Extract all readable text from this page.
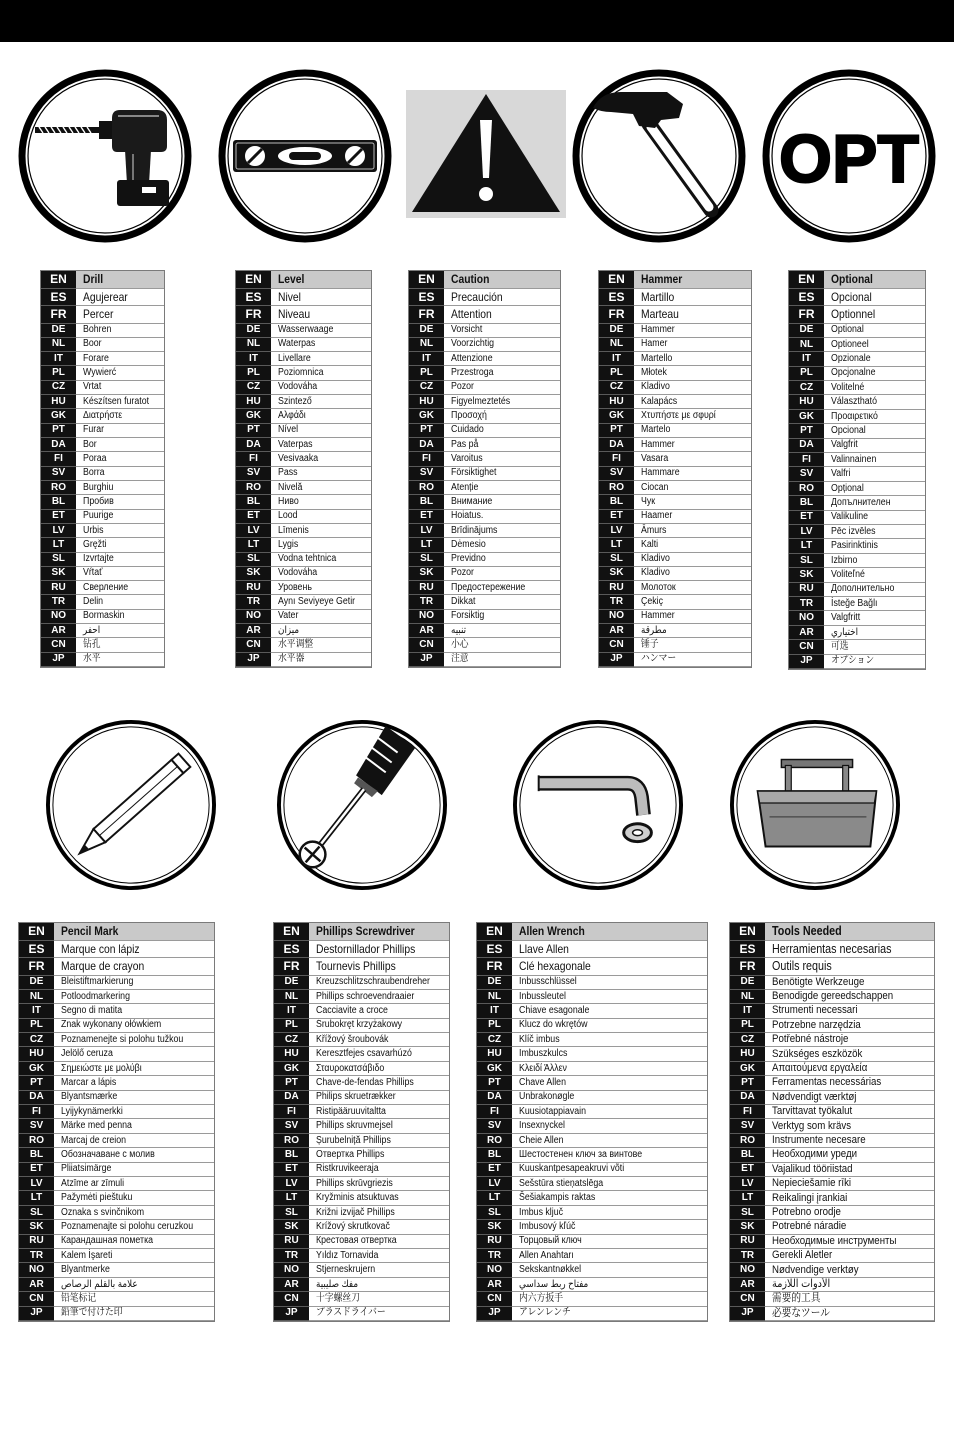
OPT
EN	Drill
ES	Agujerear
FR	Percer
DE	Bohren
NL	Boor
IT	Forare
PL	Wywierć
CZ	Vrtat
HU	Készítsen furatot
GK	Διατρήστε
PT	Furar
DA	Bor
FI	Poraa
SV	Borra
RO	Burghiu
BL	Пробив
ET	Puurige
LV	Urbis
LT	Gręžti
SL	Izvrtajte
SK	Vŕtať
RU	Сверление
TR	Delin
NO	Bormaskin
AR	احفر
CN	钻孔
JP	水平
EN	Level
ES	Nivel
FR	Niveau
DE	Wasserwaage
NL	Waterpas
IT	Livellare
PL	Poziomnica
CZ	Vodováha
HU	Szintező
GK	Αλφάδι
PT	Nível
DA	Vaterpas
FI	Vesivaaka
SV	Pass
RO	Nivelă
BL	Ниво
ET	Lood
LV	Līmenis
LT	Lygis
SL	Vodna tehtnica
SK	Vodováha
RU	Уровень
TR	Aynı Seviyeye Getir
NO	Vater
AR	ميزان
CN	水平调整
JP	水平器
EN	Caution
ES	Precaución
FR	Attention
DE	Vorsicht
NL	Voorzichtig
IT	Attenzione
PL	Przestroga
CZ	Pozor
HU	Figyelmeztetés
GK	Προσοχή
PT	Cuidado
DA	Pas på
FI	Varoitus
SV	Försiktighet
RO	Atenție
BL	Внимание
ET	Hoiatus.
LV	Brīdinājums
LT	Dėmesio
SL	Previdno
SK	Pozor
RU	Предостережение
TR	Dikkat
NO	Forsiktig
AR	تنبيه
CN	小心
JP	注意
EN	Hammer
ES	Martillo
FR	Marteau
DE	Hammer
NL	Hamer
IT	Martello
PL	Młotek
CZ	Kladivo
HU	Kalapács
GK	Χτυπήστε με σφυρί
PT	Martelo
DA	Hammer
FI	Vasara
SV	Hammare
RO	Ciocan
BL	Чук
ET	Haamer
LV	Āmurs
LT	Kalti
SL	Kladivo
SK	Kladivo
RU	Молоток
TR	Çekiç
NO	Hammer
AR	مطرقة
CN	锤子
JP	ハンマー
EN	Optional
ES	Opcional
FR	Optionnel
DE	Optional
NL	Optioneel
IT	Opzionale
PL	Opcjonalne
CZ	Volitelné
HU	Választható
GK	Προαιρετικό
PT	Opcional
DA	Valgfrit
FI	Valinnainen
SV	Valfri
RO	Opțional
BL	Допълнителен
ET	Valikuline
LV	Pēc izvēles
LT	Pasirinktinis
SL	Izbirno
SK	Voliteľné
RU	Дополнительно
TR	İsteğe Bağlı
NO	Valgfritt
AR	اختياري
CN	可选
JP	オプション
EN	Pencil Mark
ES	Marque con lápiz
FR	Marque de crayon
DE	Bleistiftmarkierung
NL	Potloodmarkering
IT	Segno di matita
PL	Znak wykonany ołówkiem
CZ	Poznamenejte si polohu tužkou
HU	Jelölő ceruza
GK	Σημειώστε με μολύβι
PT	Marcar a lápis
DA	Blyantsmærke
FI	Lyijykynämerkki
SV	Märke med penna
RO	Marcaj de creion
BL	Обозначаване с молив
ET	Pliiatsimärge
LV	Atzīme ar zīmuli
LT	Pažymėti pieštuku
SL	Oznaka s svinčnikom
SK	Poznamenajte si polohu ceruzkou
RU	Карандашная пометка
TR	Kalem İşareti
NO	Blyantmerke
AR	علامة بالقلم الرصاص
CN	铅笔标记
JP	鉛筆で付けた印
EN	Phillips Screwdriver
ES	Destornillador Phillips
FR	Tournevis Phillips
DE	Kreuzschlitzschraubendreher
NL	Phillips schroevendraaier
IT	Cacciavite a croce
PL	Śrubokręt krzyżakowy
CZ	Křížový šroubovák
HU	Keresztfejes csavarhúzó
GK	Σταυροκατσάβιδο
PT	Chave-de-fendas Phillips
DA	Philips skruetrækker
FI	Ristipääruuvitaltta
SV	Phillips skruvmejsel
RO	Șurubelniță Phillips
BL	Отвертка Phillips
ET	Ristkruvikeeraja
LV	Phillips skrūvgriezis
LT	Kryžminis atsuktuvas
SL	Križni izvijač Phillips
SK	Krížový skrutkovač
RU	Крестовая отвертка
TR	Yıldız Tornavida
NO	Stjerneskrujern
AR	مفك صليبية
CN	十字螺丝刀
JP	プラスドライバー
EN	Allen Wrench
ES	Llave Allen
FR	Clé hexagonale
DE	Inbusschlüssel
NL	Inbussleutel
IT	Chiave esagonale
PL	Klucz do wkrętów
CZ	Klíč imbus
HU	Imbuszkulcs
GK	Κλειδί Άλλεν
PT	Chave Allen
DA	Unbrakonøgle
FI	Kuusiotappiavain
SV	Insexnyckel
RO	Cheie Allen
BL	Шестостенен ключ за винтове
ET	Kuuskantpesapeakruvi võti
LV	Sešstūra stieņatslēga
LT	Šešiakampis raktas
SL	Imbus ključ
SK	Imbusový kľúč
RU	Торцовый ключ
TR	Allen Anahtarı
NO	Sekskantnøkkel
AR	مفتاح ربط سداسي
CN	内六方扳手
JP	アレンレンチ
EN	Tools Needed
ES	Herramientas necesarias
FR	Outils requis
DE	Benötigte Werkzeuge
NL	Benodigde gereedschappen
IT	Strumenti necessari
PL	Potrzebne narzędzia
CZ	Potřebné nástroje
HU	Szükséges eszközök
GK	Απαιτούμενα εργαλεία
PT	Ferramentas necessárias
DA	Nødvendigt værktøj
FI	Tarvittavat työkalut
SV	Verktyg som krävs
RO	Instrumente necesare
BL	Необходими уреди
ET	Vajalikud tööriistad
LV	Nepieciešamie rīki
LT	Reikalingi įrankiai
SL	Potrebno orodje
SK	Potrebné náradie
RU	Необходимые инструменты
TR	Gerekli Aletler
NO	Nødvendige verktøy
AR	الأدوات اللازمة
CN	需要的工具
JP	必要なツール
